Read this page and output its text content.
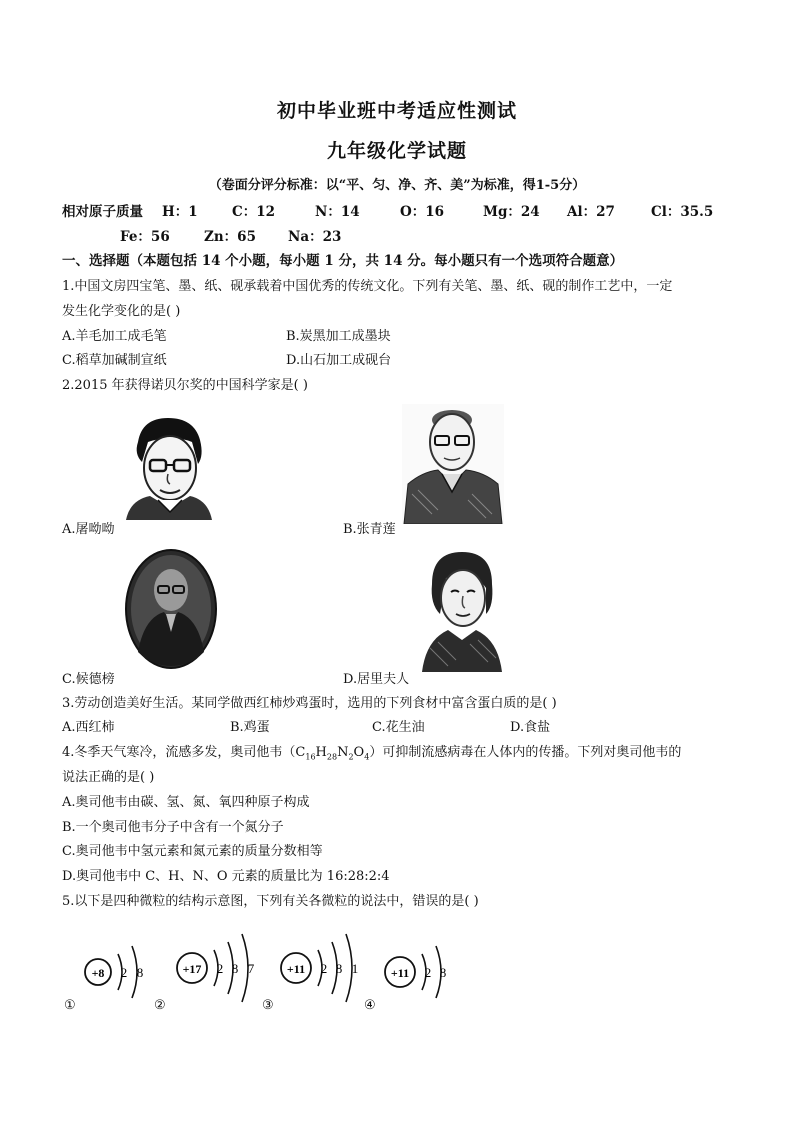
初中毕业班中考适应性测试
九年级化学试题
（卷面分评分标准：以“平、匀、净、齐、美”为标准，得1-5分）
相对原子质量 H：1	C：12	N：14	O：16	Mg：24 Al：27	Cl：35.5
Fe：56	Zn：65 Na：23
一、选择题（本题包括 14 个小题，每小题 1 分，共 14 分。每小题只有一个选项符合题意）
1.中国文房四宝笔、墨、纸、砚承载着中国优秀的传统文化。下列有关笔、墨、纸、砚的制作工艺中，一定
发生化学变化的是( )
A.羊毛加工成毛笔	B.炭黑加工成墨块
C.稻草加碱制宣纸	D.山石加工成砚台
2.2015 年获得诺贝尔奖的中国科学家是( )
A.屠呦呦	B.张青莲
C.候德榜	D.居里夫人
3.劳动创造美好生活。某同学做西红柿炒鸡蛋时，选用的下列食材中富含蛋白质的是( )
A.西红柿	B.鸡蛋	C.花生油	D.食盐
4.冬季天气寒冷，流感多发，奥司他韦$(C_{16}H_{28}N_2O_4)$可抑制流感病毒在人体内的传播。下列对奥司他韦的
说法正确的是( )
A.奥司他韦由碳、氢、氮、氧四种原子构成
B.一个奥司他韦分子中含有一个氮分子
C.奥司他韦中氢元素和氮元素的质量分数相等
D.奥司他韦中 C、H、N、O 元素的质量比为 16:28:2:4
5.以下是四种微粒的结构示意图，下列有关各微粒的说法中，错误的是( )
+8 2 8
①
+17 2 8 7
②
+11 2 8 1
③
+11 2 8
④
